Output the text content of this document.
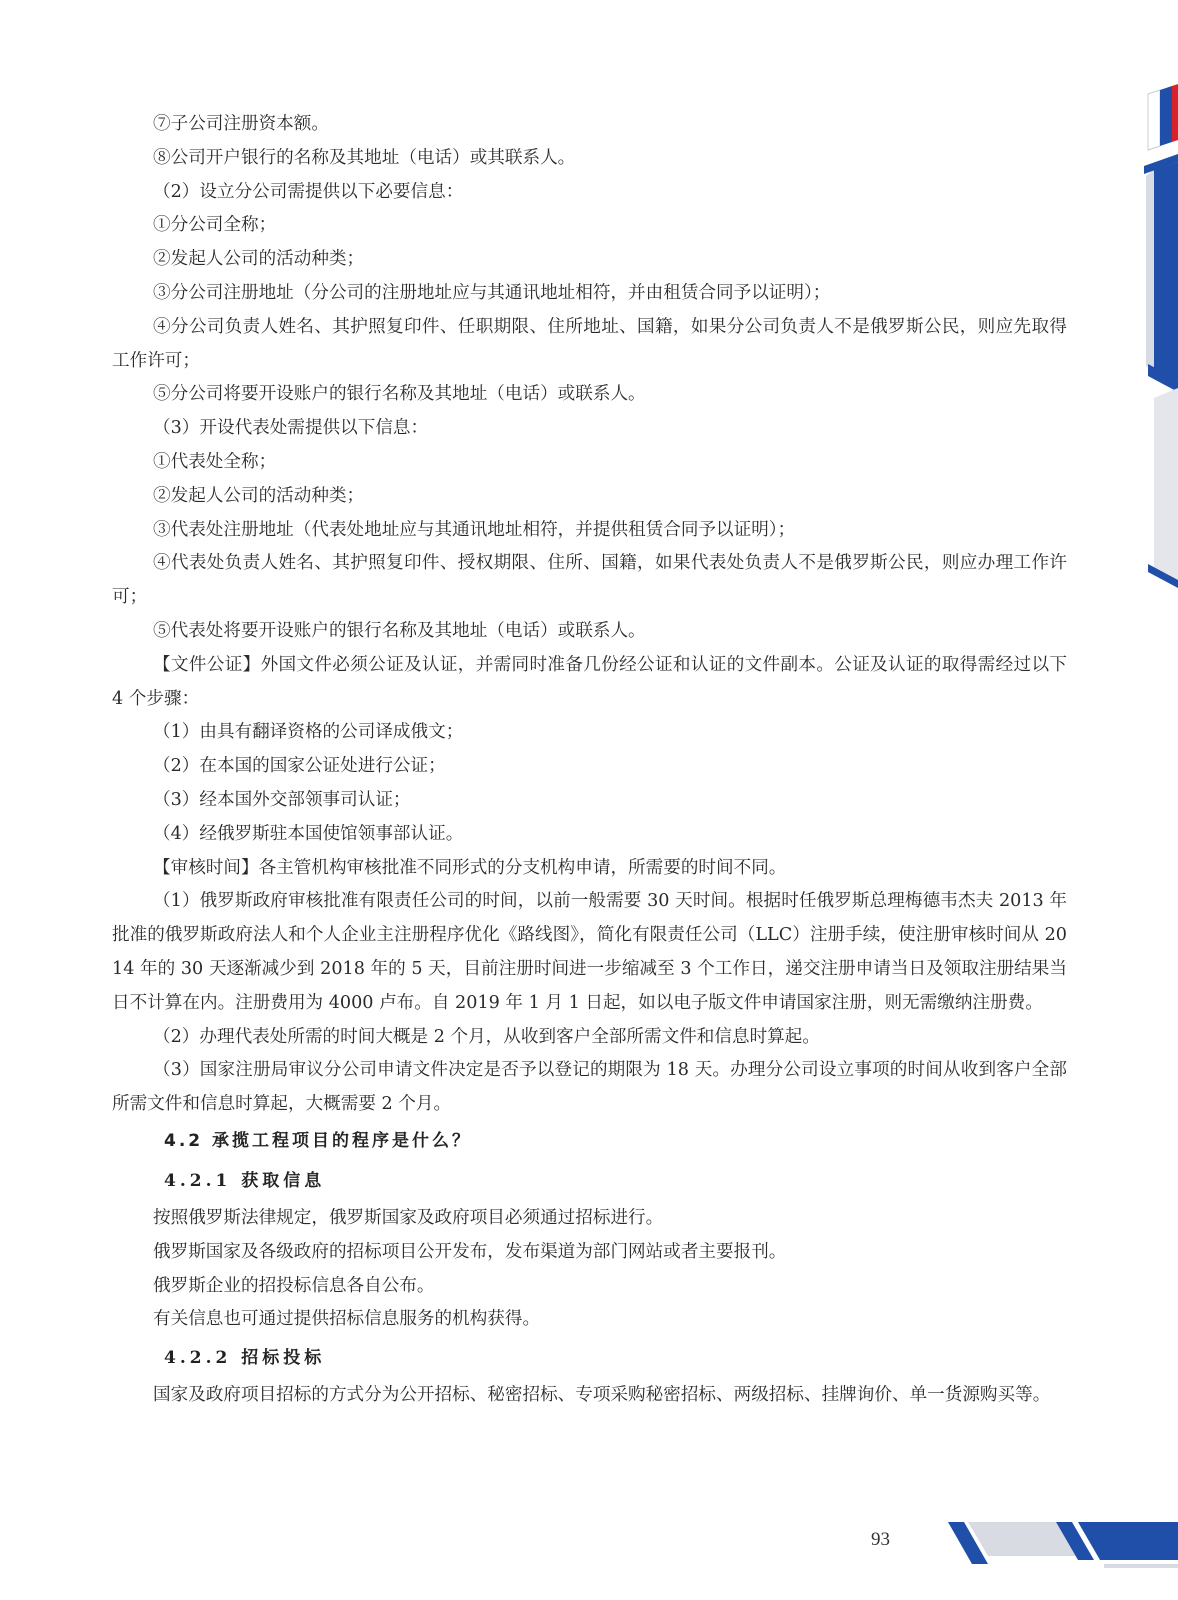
⑦子公司注册资本额。

⑧公司开户银行的名称及其地址（电话）或其联系人。

（2）设立分公司需提供以下必要信息：

①分公司全称；

②发起人公司的活动种类；

③分公司注册地址（分公司的注册地址应与其通讯地址相符，并由租赁合同予以证明）；

④分公司负责人姓名、其护照复印件、任职期限、住所地址、国籍，如果分公司负责人不是俄罗斯公民，则应先取得工作许可；

⑤分公司将要开设账户的银行名称及其地址（电话）或联系人。

（3）开设代表处需提供以下信息：

①代表处全称；

②发起人公司的活动种类；

③代表处注册地址（代表处地址应与其通讯地址相符，并提供租赁合同予以证明）；

④代表处负责人姓名、其护照复印件、授权期限、住所、国籍，如果代表处负责人不是俄罗斯公民，则应办理工作许可；

⑤代表处将要开设账户的银行名称及其地址（电话）或联系人。

【文件公证】外国文件必须公证及认证，并需同时准备几份经公证和认证的文件副本。公证及认证的取得需经过以下 4 个步骤：

（1）由具有翻译资格的公司译成俄文；

（2）在本国的国家公证处进行公证；

（3）经本国外交部领事司认证；

（4）经俄罗斯驻本国使馆领事部认证。

【审核时间】各主管机构审核批准不同形式的分支机构申请，所需要的时间不同。

（1）俄罗斯政府审核批准有限责任公司的时间，以前一般需要 30 天时间。根据时任俄罗斯总理梅德韦杰夫 2013 年批准的俄罗斯政府法人和个人企业主注册程序优化《路线图》，简化有限责任公司（LLC）注册手续，使注册审核时间从 2014 年的 30 天逐渐减少到 2018 年的 5 天，目前注册时间进一步缩减至 3 个工作日，递交注册申请当日及领取注册结果当日不计算在内。注册费用为 4000 卢布。自 2019 年 1 月 1 日起，如以电子版文件申请国家注册，则无需缴纳注册费。

（2）办理代表处所需的时间大概是 2 个月，从收到客户全部所需文件和信息时算起。

（3）国家注册局审议分公司申请文件决定是否予以登记的期限为 18 天。办理分公司设立事项的时间从收到客户全部所需文件和信息时算起，大概需要 2 个月。

4.2 承揽工程项目的程序是什么？
4.2.1 获取信息

按照俄罗斯法律规定，俄罗斯国家及政府项目必须通过招标进行。

俄罗斯国家及各级政府的招标项目公开发布，发布渠道为部门网站或者主要报刊。

俄罗斯企业的招投标信息各自公布。

有关信息也可通过提供招标信息服务的机构获得。

4.2.2 招标投标

国家及政府项目招标的方式分为公开招标、秘密招标、专项采购秘密招标、两级招标、挂牌询价、单一货源购买等。

93
